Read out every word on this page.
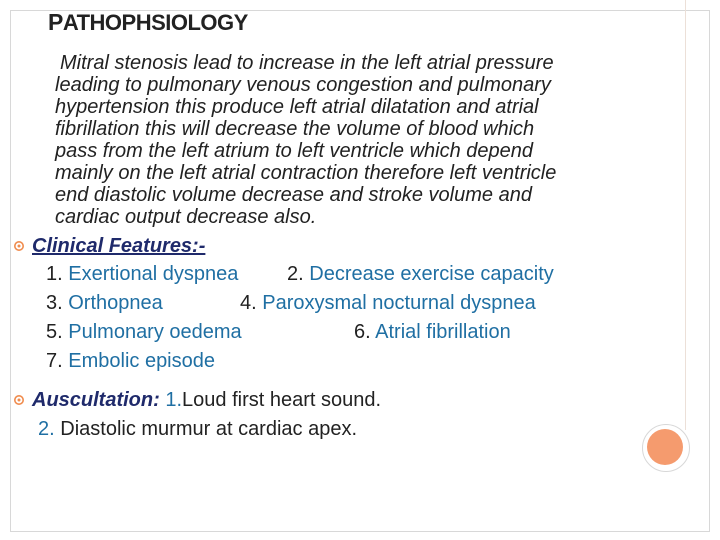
PATHOPHSIOLOGY
Mitral stenosis lead to increase in the left atrial pressure
leading to pulmonary venous congestion and pulmonary
hypertension this produce left atrial dilatation and atrial
fibrillation this will decrease the volume of blood which
pass from the left atrium to left ventricle which depend
mainly on the left atrial contraction therefore left ventricle
end diastolic volume decrease and stroke volume and
cardiac output decrease also.
Clinical Features:-
1. Exertional dyspnea 2. Decrease exercise capacity
3. Orthopnea	4. Paroxysmal nocturnal dyspnea
5. Pulmonary oedema	6. Atrial fibrillation
7. Embolic episode
Auscultation: 1.Loud first heart sound.
2. Diastolic murmur at cardiac apex.
